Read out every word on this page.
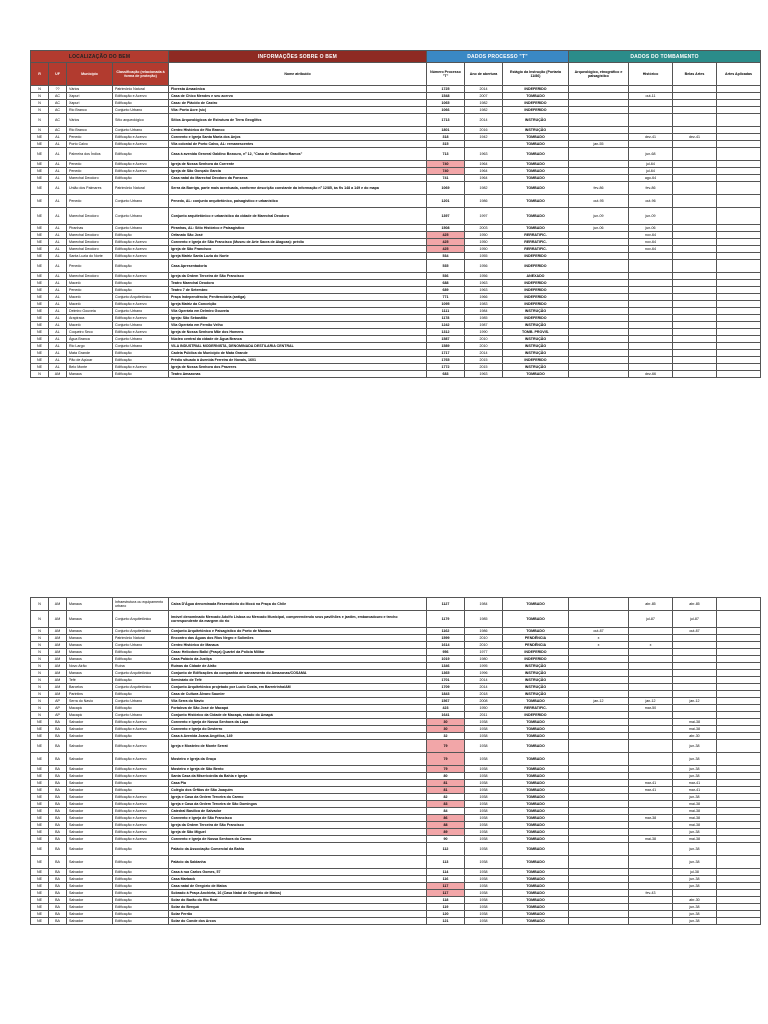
LOCALIZAÇÃO DO BEM				INFORMAÇÕES SOBRE O BEM	DADOS PROCESSO "T"			DADOS DO TOMBAMENTO			
R	UF	Município	Classificação (relacionada à forma de proteção)	Nome atribuído	Número Processo "T"	Ano de abertura	Estágio da Instrução (Portaria 11/86)	Arqueológico, etnográfico e paisagístico	Histórico	Belas Artes	Artes Aplicadas
N	??	Vários	Patrimônio Natural	Floresta Amazônica	1725	2014	INDEFERIDO				
N	AC	Xapuri	Edificação e Acervo	Casa de Chico Mendes e seu acervo	1548	2007	TOMBADO		out-11		
N	AC	Xapuri	Edificação	Casa: de Plácido de Castro	1065	1982	INDEFERIDO				
N	AC	Rio Branco	Conjunto Urbano	Vila: Porto Acre (sic)	1066	1982	INDEFERIDO				
N	AC	Vários	Sítio arqueológico	Sítios Arqueológicos de Estrutura de Terra Geoglifos	1713	2014	INSTRUÇÃO				
N	AC	Rio Branco	Conjunto Urbano	Centro Histórico de Rio Branco	1801	2016	INSTRUÇÃO				
NE	AL	Penedo	Edificação e Acervo	Convento e Igreja Santa Maria dos Anjos	318	1942	TOMBADO		dez-41	dez-41	
NE	AL	Porto Calvo	Edificação e Acervo	Vila colonial de Porto Calvo, AL: remanescentes	315		TOMBADO	jan-55			
NE	AL	Palmeira dos Índios	Edificação	Casa à avenida General Galdino Bezouro, nº 12, "Casa de Graciliano Ramos"	713	1963	TOMBADO		jun-68		
NE	AL	Penedo	Edificação e Acervo	Igreja de Nossa Senhora da Corrente	740	1964	TOMBADO		jul-64		
NE	AL	Penedo	Edificação e Acervo	Igreja de São Gonçalo Garcia	740	1964	TOMBADO		jul-64		
NE	AL	Marechal Deodoro	Edificação	Casa natal do Marechal Deodoro da Fonseca	741	1964	TOMBADO		ago-64		
NE	AL	União dos Palmares	Patrimônio Natural	Serra da Barriga, parte mais acentuada, conforme descrição constante da informação nº 12/85, às fls 148 a 149 e do mapa	1069	1982	TOMBADO	fev-86	fev-86		
NE	AL	Penedo	Conjunto Urbano	Penedo, AL: conjunto arquitetônico, paisagístico e urbanístico	1201	1986	TOMBADO	out-95	out-96		
NE	AL	Marechal Deodoro	Conjunto Urbano	Conjunto arquitetônico e urbanístico da cidade de Marechal Deodoro	1397	1997	TOMBADO	jun-09	jun-09		
NE	AL	Piranhas	Conjunto Urbano	Piranhas, AL: Sítio Histórico e Paisagístico	1508	2003	TOMBADO	jun-06	jun-06		
NE	AL	Marechal Deodoro	Edificação	Orfanato São José	425	1950	RERRATIFIC.		nov-64		
NE	AL	Marechal Deodoro	Edificação e Acervo	Convento e Igreja de São Francisco (Museu de Arte Sacra de Alagoas): prédio	425	1950	RERRATIFIC.		nov-64		
NE	AL	Marechal Deodoro	Edificação e Acervo	Igreja de São Francisco	425	1950	RERRATIFIC.		nov-64		
NE	AL	Santa Luzia do Norte	Edificação e Acervo	Igreja Matriz Santa Luzia do Norte	534	1955	INDEFERIDO				
NE	AL	Penedo	Edificação	Casa Apresentadoria	535	1956	INDEFERIDO				
NE	AL	Marechal Deodoro	Edificação e Acervo	Igreja da Ordem Terceira de São Francisco	536	1956	ANEXADO				
NE	AL	Maceió	Edificação	Teatro Marechal Deodoro	688	1963	INDEFERIDO				
NE	AL	Penedo	Edificação	Teatro 7 de Setembro	689	1963	INDEFERIDO				
NE	AL	Maceió	Conjunto Arquitetônico	Praça Independência; Penitenciária (antiga)	771	1966	INDEFERIDO				
NE	AL	Maceió	Edificação e Acervo	Igreja Matriz da Conceição	1095	1983	INDEFERIDO				
NE	AL	Delmiro Gouveia	Conjunto Urbano	Vila Operária em Delmiro Gouveia	1111	1984	INSTRUÇÃO				
NE	AL	Arapiraca	Edificação e Acervo	Igreja: São Sebastião	1178	1985	INDEFERIDO				
NE	AL	Maceió	Conjunto Urbano	Vila Operária em Fernão Velho	1242	1987	INSTRUÇÃO				
NE	AL	Coqueiro Seco	Edificação e Acervo	Igreja de Nossa Senhora Mãe dos Homens	1312	1990	TOMB. PROVIS.				
NE	AL	Água Branca	Conjunto Urbano	Núcleo central da cidade de Água Branca	1587	2010	INSTRUÇÃO				
NE	AL	Rio Largo	Conjunto Urbano	VILA INDUSTRIAL MODERNISTA, DENOMINADA DESTILARIA CENTRAL	1589	2010	INSTRUÇÃO				
NE	AL	Mata Grande	Edificação	Cadeia Pública do Município de Mata Grande	1717	2014	INSTRUÇÃO				
NE	AL	Pão de Açúcar	Edificação	Prédio situado à Avenida Ferreira de Novais, 1601	1765	2015	INDEFERIDO				
NE	AL	Belo Monte	Edificação e Acervo	Igreja de Nossa Senhora dos Prazeres	1772	2015	INSTRUÇÃO				
N	AM	Manaus	Edificação	Teatro Amazonas	683	1963	TOMBADO		dez-66		
N	AM	Manaus	Infraestrutura ou equipamento urbano	Caixa D'Água denominada Reservatório do Mocó na Praça do Chile	1127	1984	TOMBADO		abr-85	abr-85	
N	AM	Manaus	Conjunto Arquitetônico	Imóvel denominado Mercado Adolfo Lisboa ou Mercado Municipal, compreendendo seus pavilhões e jardim, embarcadouro e trecho correspondente da margem do rio	1179	1985	TOMBADO		jul-87	jul-87	
N	AM	Manaus	Conjunto Arquitetônico	Conjunto Arquitetônico e Paisagístico do Porto de Manaus	1162	1986	TOMBADO	out-87		out-87	
N	AM	Manaus	Patrimônio Natural	Encontro das Águas dos Rios Negro e Solimões	1599	2010	PENDÊNCIA	x			
N	AM	Manaus	Conjunto Urbano	Centro Histórico de Manaus	1614	2010	PENDÊNCIA	x	x		
N	AM	Manaus	Edificação	Casa: Heliodoro Balbi (Praça) Quartel da Polícia Militar	956	1977	INDEFERIDO				
N	AM	Manaus	Edificação	Casa Palácio da Justiça	1019	1980	INDEFERIDO				
N	AM	Novo Airão	Ruína	Ruínas da Cidade de Airão	1346	1995	INSTRUÇÃO				
N	AM	Manaus	Conjunto Arquitetônico	Conjunto de Edificações da companhia de saneamento do Amazonas/COSAMA	1365	1996	INSTRUÇÃO				
N	AM	Tefé	Edificação	Seminário de Tefé	1701	2014	INSTRUÇÃO				
N	AM	Barcelos	Conjunto Arquitetônico	Conjunto Arquitetônico projetado por Lucio Costa, em Barreirinha/AM	1709	2014	INSTRUÇÃO				
N	AM	Parintins	Edificação	Casa de Cultura Álvaro Saunier	1843	2018	INSTRUÇÃO				
N	AP	Serra do Navio	Conjunto Urbano	Vila Serra do Navio	1567	2008	TOMBADO	jan-12	jan-12	jan-12	
N	AP	Macapá	Edificação	Fortaleza de São José de Macapá	423	1950	RERRATIFIC.		mar-50		
N	AP	Macapá	Conjunto Urbano	Conjunto Histórico da Cidade de Macapá, estado do Amapá	1641	2011	INDEFERIDO				
NE	BA	Salvador	Edificação e Acervo	Convento e Igreja de Nossa Senhora da Lapa	30	1938	TOMBADO			mai-38	
NE	BA	Salvador	Edificação e Acervo	Convento e Igreja do Desterro	30	1938	TOMBADO			mai-38	
NE	BA	Salvador	Edificação	Casa à Avenida Joana Angélica, 149	32	1938	TOMBADO			abr-30	
NE	BA	Salvador	Edificação e Acervo	Igreja e Mosteiro de Monte Serrat	79	1938	TOMBADO			jun-38	
NE	BA	Salvador	Edificação e Acervo	Mosteiro e Igreja da Graça	79	1938	TOMBADO			jun-38	
NE	BA	Salvador	Edificação e Acervo	Mosteiro e Igreja de São Bento	79	1938	TOMBADO			jun-38	
NE	BA	Salvador	Edificação e Acervo	Santa Casa da Misericórdia da Bahia e Igreja	80	1938	TOMBADO			jun-38	
NE	BA	Salvador	Edificação	Casa Pia	81	1938	TOMBADO		mar-41	mar-41	
NE	BA	Salvador	Edificação	Colégio dos Órfãos de São Joaquim	81	1938	TOMBADO		mar-41	mar-41	
NE	BA	Salvador	Edificação e Acervo	Igreja e Casa da Ordem Terceira do Carmo	82	1938	TOMBADO			jun-38	
NE	BA	Salvador	Edificação e Acervo	Igreja e Casa da Ordem Terceira de São Domingos	83	1938	TOMBADO			mai-38	
NE	BA	Salvador	Edificação e Acervo	Catedral Basílica de Salvador	84	1938	TOMBADO			mai-38	
NE	BA	Salvador	Edificação e Acervo	Convento e Igreja de São Francisco	86	1938	TOMBADO		mar-38	mai-38	
NE	BA	Salvador	Edificação e Acervo	Igreja da Ordem Terceira de São Francisco	88	1938	TOMBADO			mai-38	
NE	BA	Salvador	Edificação e Acervo	Igreja de São Miguel	89	1938	TOMBADO			jun-38	
NE	BA	Salvador	Edificação e Acervo	Convento e Igreja de Nossa Senhora do Carmo	90	1938	TOMBADO		mai-38	mai-38	
NE	BA	Salvador	Edificação	Palácio da Associação Comercial da Bahia	112	1938	TOMBADO			jun-38	
NE	BA	Salvador	Edificação	Palácio da Saldanha	113	1938	TOMBADO			jun-38	
NE	BA	Salvador	Edificação	Casa à rua Carlos Gomes, 57	114	1938	TOMBADO			jul-38	
NE	BA	Salvador	Edificação	Casa Marback	116	1938	TOMBADO			jun-38	
NE	BA	Salvador	Edificação	Casa natal de Gregório de Matos	117	1938	TOMBADO			jun-38	
NE	BA	Salvador	Edificação	Sobrado à Praça Anchieta, 16 (Casa Natal de Gregório de Matos)	117	1938	TOMBADO		fev-43		
NE	BA	Salvador	Edificação	Solar do Barão do Rio Real	118	1938	TOMBADO			abr-30	
NE	BA	Salvador	Edificação	Solar do Berquó	119	1938	TOMBADO			jun-38	
NE	BA	Salvador	Edificação	Solar Ferrão	120	1938	TOMBADO			jun-38	
NE	BA	Salvador	Edificação	Solar do Conde dos Arcos	121	1938	TOMBADO			jun-38	
